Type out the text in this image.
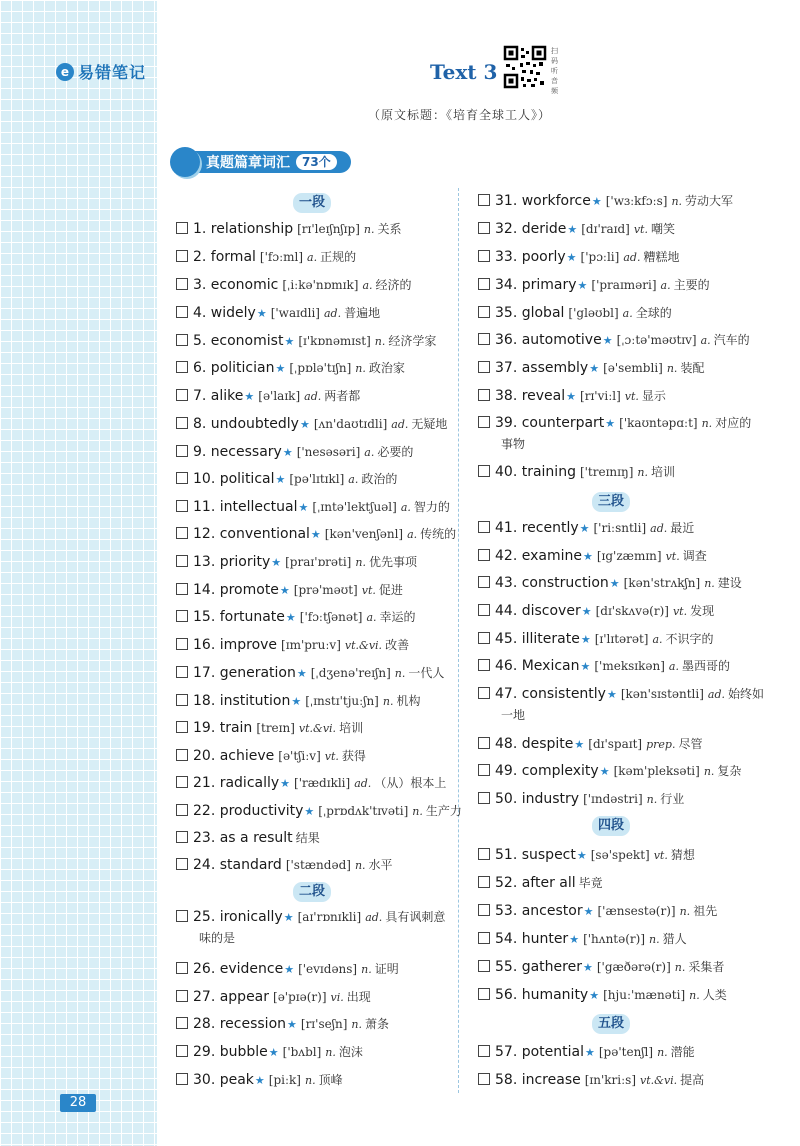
e 易错笔记
28
Text 3
扫码听音频
（原文标题：《培育全球工人》）
真题篇章词汇	73个
一段
二段
三段
四段
五段
1. relationship [rɪ'leɪʃnʃɪp] n. 关系
2. formal ['fɔːml] a. 正规的
3. economic [ˌiːkə'nɒmɪk] a. 经济的
4. widely★ ['waɪdli] ad. 普遍地
5. economist★ [ɪ'kɒnəmɪst] n. 经济学家
6. politician★ [ˌpɒlə'tɪʃn] n. 政治家
7. alike★ [ə'laɪk] ad. 两者都
8. undoubtedly★ [ʌn'daʊtɪdli] ad. 无疑地
9. necessary★ ['nesəsəri] a. 必要的
10. political★ [pə'lɪtɪkl] a. 政治的
11. intellectual★ [ˌɪntə'lektʃuəl] a. 智力的
12. conventional★ [kən'venʃənl] a. 传统的
13. priority★ [praɪ'ɒrəti] n. 优先事项
14. promote★ [prə'məʊt] vt. 促进
15. fortunate★ ['fɔːtʃənət] a. 幸运的
16. improve [ɪm'pruːv] vt.&vi. 改善
17. generation★ [ˌdʒenə'reɪʃn] n. 一代人
18. institution★ [ˌɪnstɪ'tjuːʃn] n. 机构
19. train [treɪn] vt.&vi. 培训
20. achieve [ə'tʃiːv] vt. 获得
21. radically★ ['rædɪkli] ad. （从）根本上
22. productivity★ [ˌprɒdʌk'tɪvəti] n. 生产力
23. as a result 结果
24. standard ['stændəd] n. 水平
25. ironically★ [aɪ'rɒnɪkli] ad. 具有讽刺意
味的是
26. evidence★ ['evɪdəns] n. 证明
27. appear [ə'pɪə(r)] vi. 出现
28. recession★ [rɪ'seʃn] n. 萧条
29. bubble★ ['bʌbl] n. 泡沫
30. peak★ [piːk] n. 顶峰
31. workforce★ ['wɜːkfɔːs] n. 劳动大军
32. deride★ [dɪ'raɪd] vt. 嘲笑
33. poorly★ ['pɔːli] ad. 糟糕地
34. primary★ ['praɪməri] a. 主要的
35. global ['gləʊbl] a. 全球的
36. automotive★ [ˌɔːtə'məʊtɪv] a. 汽车的
37. assembly★ [ə'sembli] n. 装配
38. reveal★ [rɪ'viːl] vt. 显示
39. counterpart★ ['kaʊntəpɑːt] n. 对应的
事物
40. training ['treɪnɪŋ] n. 培训
41. recently★ ['riːsntli] ad. 最近
42. examine★ [ɪg'zæmɪn] vt. 调查
43. construction★ [kən'strʌkʃn] n. 建设
44. discover★ [dɪ'skʌvə(r)] vt. 发现
45. illiterate★ [ɪ'lɪtərət] a. 不识字的
46. Mexican★ ['meksɪkən] a. 墨西哥的
47. consistently★ [kən'sɪstəntli] ad. 始终如
一地
48. despite★ [dɪ'spaɪt] prep. 尽管
49. complexity★ [kəm'pleksəti] n. 复杂
50. industry ['ɪndəstri] n. 行业
51. suspect★ [sə'spekt] vt. 猜想
52. after all 毕竟
53. ancestor★ ['ænsestə(r)] n. 祖先
54. hunter★ ['hʌntə(r)] n. 猎人
55. gatherer★ ['gæðərə(r)] n. 采集者
56. humanity★ [hjuː'mænəti] n. 人类
57. potential★ [pə'tenʃl] n. 潜能
58. increase [ɪn'kriːs] vt.&vi. 提高
